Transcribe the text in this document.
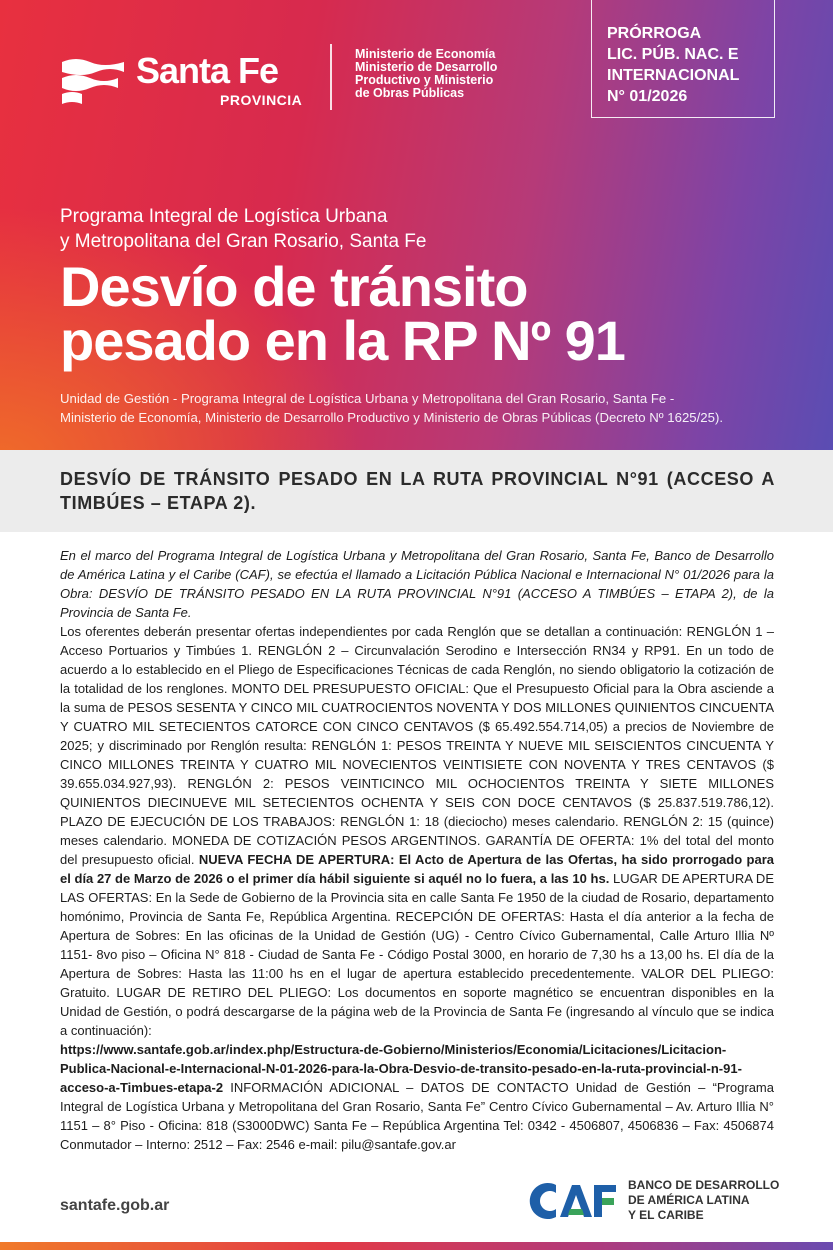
Santa Fe
PROVINCIA
Ministerio de Economía
Ministerio de Desarrollo
Productivo y Ministerio
de Obras Públicas
PRÓRROGA
LIC. PÚB. NAC. E
INTERNACIONAL
N° 01/2026
Programa Integral de Logística Urbana
y Metropolitana del Gran Rosario, Santa Fe
Desvío de tránsito
pesado en la RP Nº 91
Unidad de Gestión - Programa Integral de Logística Urbana y Metropolitana del Gran Rosario, Santa Fe -
Ministerio de Economía, Ministerio de Desarrollo Productivo y Ministerio de Obras Públicas (Decreto Nº 1625/25).
DESVÍO DE TRÁNSITO PESADO EN LA RUTA PROVINCIAL N°91 (ACCESO A TIMBÚES – ETAPA 2).
En el marco del Programa Integral de Logística Urbana y Metropolitana del Gran Rosario, Santa Fe, Banco de Desarrollo de América Latina y el Caribe (CAF), se efectúa el llamado a Licitación Pública Nacional e Internacional N° 01/2026 para la Obra: DESVÍO DE TRÁNSITO PESADO EN LA RUTA PROVINCIAL N°91 (ACCESO A TIMBÚES – ETAPA 2), de la Provincia de Santa Fe.
Los oferentes deberán presentar ofertas independientes por cada Renglón que se detallan a continuación: RENGLÓN 1 – Acceso Portuarios y Timbúes 1. RENGLÓN 2 – Circunvalación Serodino e Intersección RN34 y RP91. En un todo de acuerdo a lo establecido en el Pliego de Especificaciones Técnicas de cada Renglón, no siendo obligatorio la cotización de la totalidad de los renglones. MONTO DEL PRESUPUESTO OFICIAL: Que el Presupuesto Oficial para la Obra asciende a la suma de PESOS SESENTA Y CINCO MIL CUATROCIENTOS NOVENTA Y DOS MILLONES QUINIENTOS CINCUENTA Y CUATRO MIL SETECIENTOS CATORCE CON CINCO CENTAVOS ($ 65.492.554.714,05) a precios de Noviembre de 2025; y discriminado por Renglón resulta: RENGLÓN 1: PESOS TREINTA Y NUEVE MIL SEISCIENTOS CINCUENTA Y CINCO MILLONES TREINTA Y CUATRO MIL NOVECIENTOS VEINTISIETE CON NOVENTA Y TRES CENTAVOS ($ 39.655.034.927,93). RENGLÓN 2: PESOS VEINTICINCO MIL OCHOCIENTOS TREINTA Y SIETE MILLONES QUINIENTOS DIECINUEVE MIL SETECIENTOS OCHENTA Y SEIS CON DOCE CENTAVOS ($ 25.837.519.786,12). PLAZO DE EJECUCIÓN DE LOS TRABAJOS: RENGLÓN 1: 18 (dieciocho) meses calendario. RENGLÓN 2: 15 (quince) meses calendario. MONEDA DE COTIZACIÓN PESOS ARGENTINOS. GARANTÍA DE OFERTA: 1% del total del monto del presupuesto oficial. NUEVA FECHA DE APERTURA: El Acto de Apertura de las Ofertas, ha sido prorrogado para el día 27 de Marzo de 2026 o el primer día hábil siguiente si aquél no lo fuera, a las 10 hs. LUGAR DE APERTURA DE LAS OFERTAS: En la Sede de Gobierno de la Provincia sita en calle Santa Fe 1950 de la ciudad de Rosario, departamento homónimo, Provincia de Santa Fe, República Argentina. RECEPCIÓN DE OFERTAS: Hasta el día anterior a la fecha de Apertura de Sobres: En las oficinas de la Unidad de Gestión (UG) - Centro Cívico Gubernamental, Calle Arturo Illia Nº 1151- 8vo piso – Oficina N° 818 - Ciudad de Santa Fe - Código Postal 3000, en horario de 7,30 hs a 13,00 hs. El día de la Apertura de Sobres: Hasta las 11:00 hs en el lugar de apertura establecido precedentemente. VALOR DEL PLIEGO: Gratuito. LUGAR DE RETIRO DEL PLIEGO: Los documentos en soporte magnético se encuentran disponibles en la Unidad de Gestión, o podrá descargarse de la página web de la Provincia de Santa Fe (ingresando al vínculo que se indica a continuación):
https://www.santafe.gob.ar/index.php/Estructura-de-Gobierno/Ministerios/Economia/Licitaciones/Licitacion-Publica-Nacional-e-Internacional-N-01-2026-para-la-Obra-Desvio-de-transito-pesado-en-la-ruta-provincial-n-91-acceso-a-Timbues-etapa-2 INFORMACIÓN ADICIONAL – DATOS DE CONTACTO Unidad de Gestión – “Programa Integral de Logística Urbana y Metropolitana del Gran Rosario, Santa Fe” Centro Cívico Gubernamental – Av. Arturo Illia N° 1151 – 8° Piso - Oficina: 818 (S3000DWC) Santa Fe – República Argentina Tel: 0342 - 4506807, 4506836 – Fax: 4506874 Conmutador – Interno: 2512 – Fax: 2546 e-mail: pilu@santafe.gov.ar
santafe.gob.ar
BANCO DE DESARROLLO
DE AMÉRICA LATINA
Y EL CARIBE
